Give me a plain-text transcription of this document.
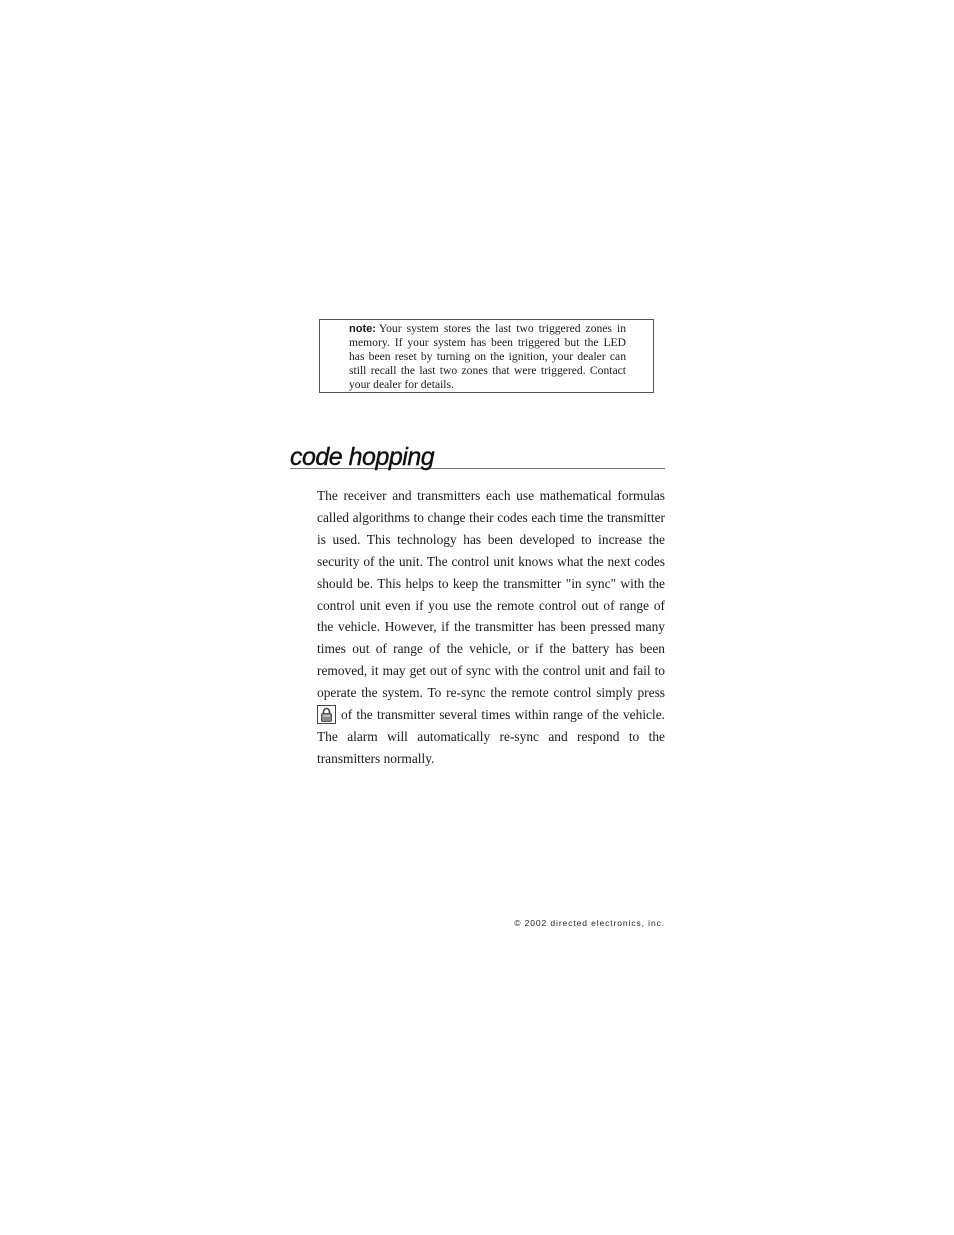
note: Your system stores the last two triggered zones in memory. If your system has been triggered but the LED has been reset by turning on the ignition, your dealer can still recall the last two zones that were triggered. Contact your dealer for details.

code hopping

The receiver and transmitters each use mathematical formulas called algorithms to change their codes each time the transmitter is used. This technology has been developed to increase the security of the unit. The control unit knows what the next codes should be. This helps to keep the transmitter "in sync" with the control unit even if you use the remote control out of range of the vehicle. However, if the transmitter has been pressed many times out of range of the vehicle, or if the battery has been removed, it may get out of sync with the control unit and fail to operate the system. To re-sync the remote control simply press
of the transmitter several times within range of the vehicle. The alarm will automatically re-sync and respond to the transmitters normally.

© 2002 directed electronics, inc.
